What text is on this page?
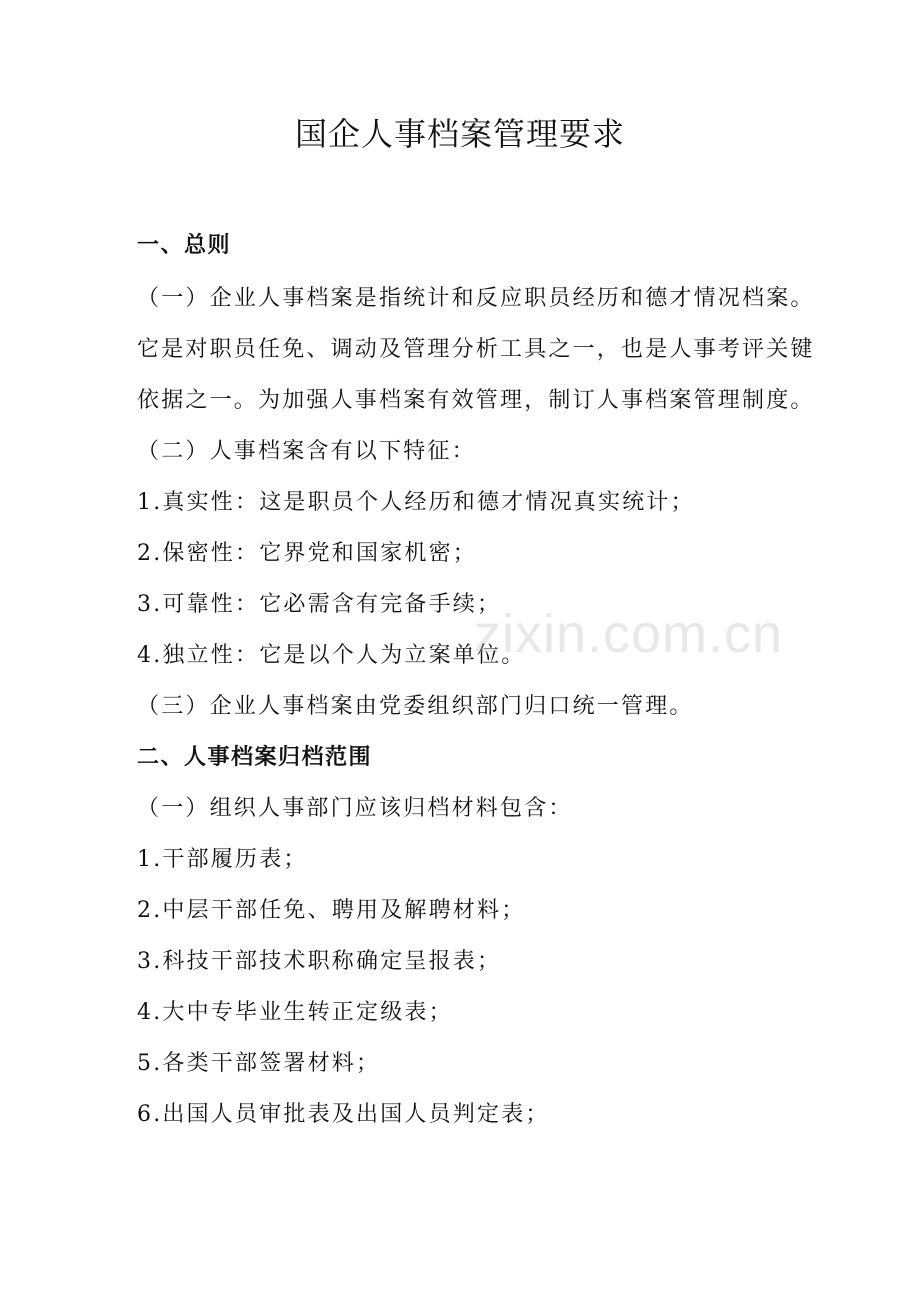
国企人事档案管理要求
一、总则
（一）企业人事档案是指统计和反应职员经历和德才情况档案。
它是对职员任免、调动及管理分析工具之一，也是人事考评关键
依据之一。为加强人事档案有效管理，制订人事档案管理制度。
（二）人事档案含有以下特征：
1.真实性：这是职员个人经历和德才情况真实统计；
2.保密性：它界党和国家机密；
3.可靠性：它必需含有完备手续；
4.独立性：它是以个人为立案单位。
（三）企业人事档案由党委组织部门归口统一管理。
二、人事档案归档范围
（一）组织人事部门应该归档材料包含：
1.干部履历表；
2.中层干部任免、聘用及解聘材料；
3.科技干部技术职称确定呈报表；
4.大中专毕业生转正定级表；
5.各类干部签署材料；
6.出国人员审批表及出国人员判定表；
zixin.com.cn
